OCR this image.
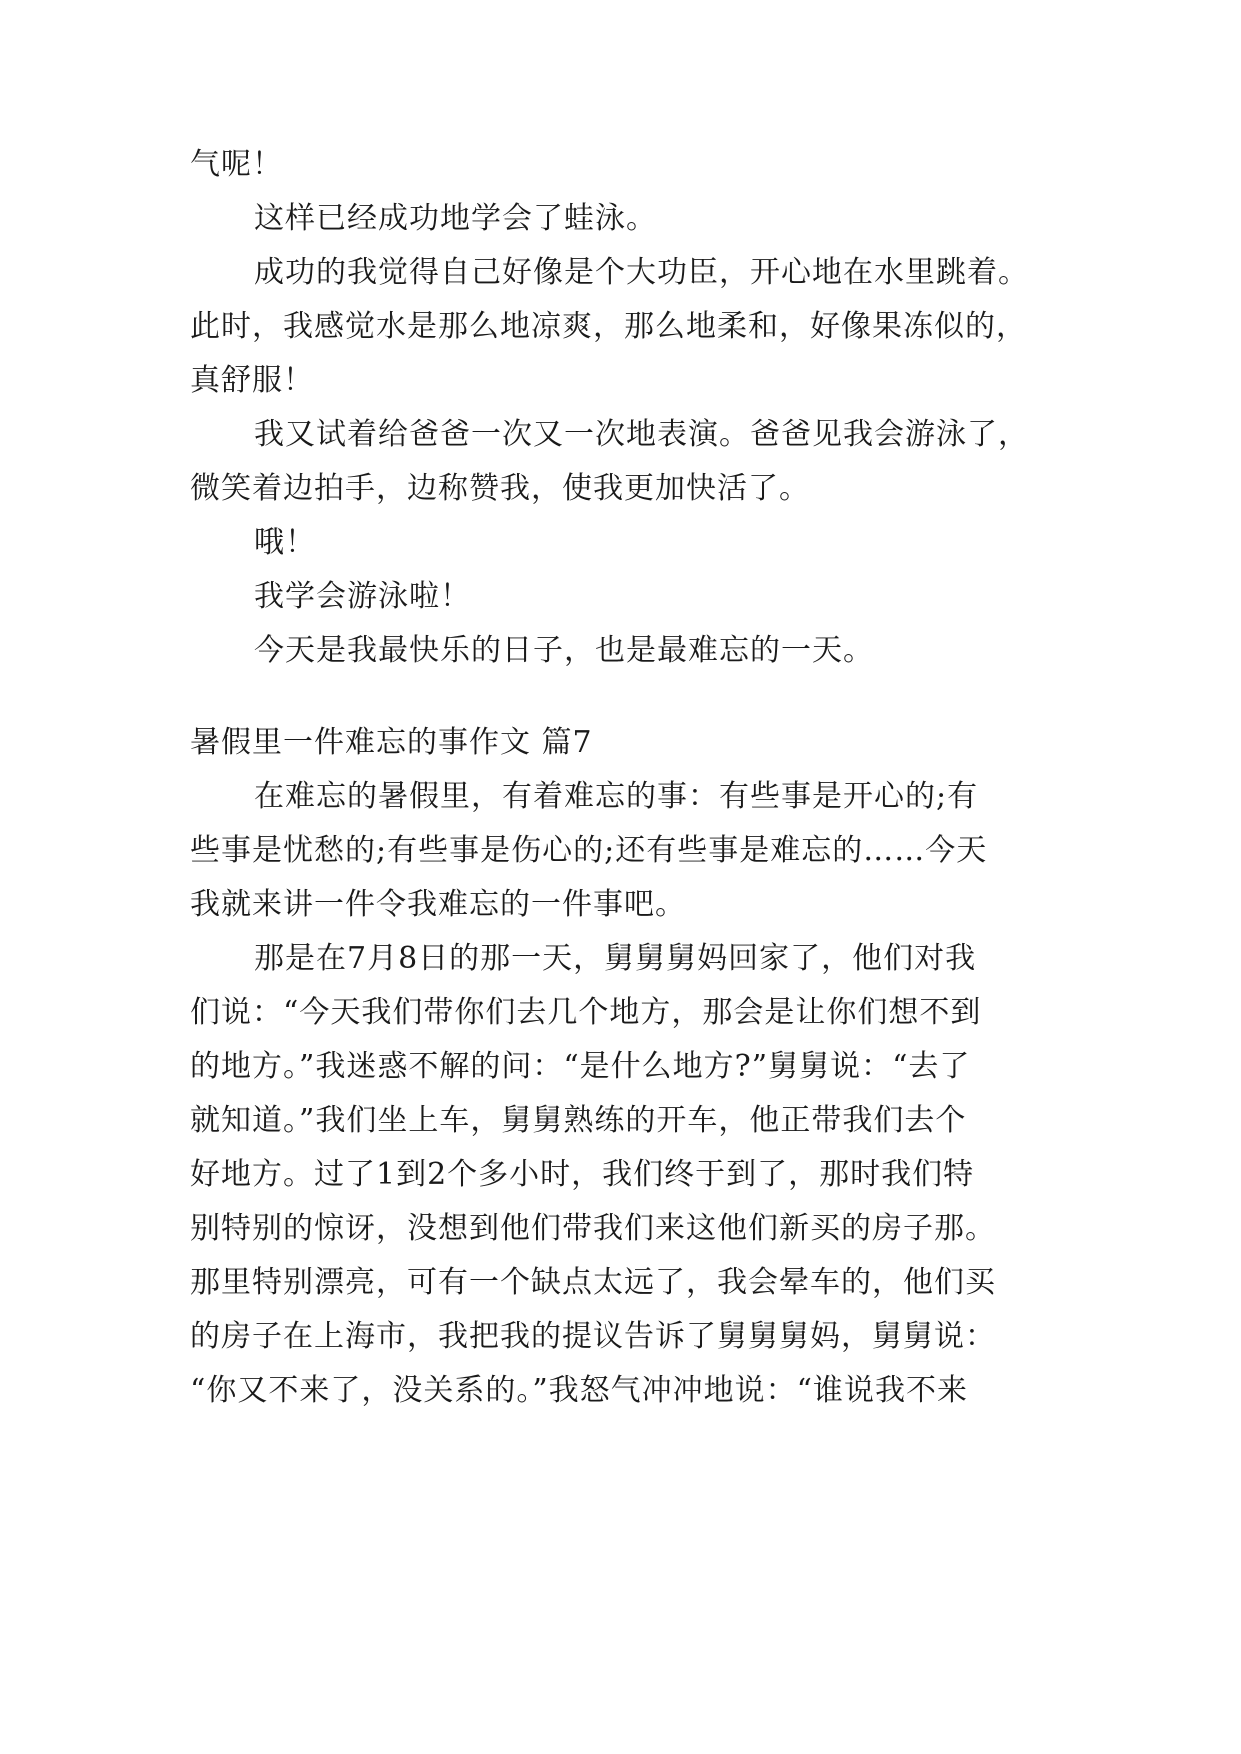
气呢！
这样已经成功地学会了蛙泳。
成功的我觉得自己好像是个大功臣，开心地在水里跳着。
此时，我感觉水是那么地凉爽，那么地柔和，好像果冻似的，
真舒服！
我又试着给爸爸一次又一次地表演。爸爸见我会游泳了，
微笑着边拍手，边称赞我，使我更加快活了。
哦！
我学会游泳啦！
今天是我最快乐的日子，也是最难忘的一天。
暑假里一件难忘的事作文 篇7
在难忘的暑假里，有着难忘的事：有些事是开心的;有
些事是忧愁的;有些事是伤心的;还有些事是难忘的……今天
我就来讲一件令我难忘的一件事吧。
那是在7月8日的那一天，舅舅舅妈回家了，他们对我
们说：“今天我们带你们去几个地方，那会是让你们想不到
的地方。”我迷惑不解的问：“是什么地方?”舅舅说：“去了
就知道。”我们坐上车，舅舅熟练的开车，他正带我们去个
好地方。过了1到2个多小时，我们终于到了，那时我们特
别特别的惊讶，没想到他们带我们来这他们新买的房子那。
那里特别漂亮，可有一个缺点太远了，我会晕车的，他们买
的房子在上海市，我把我的提议告诉了舅舅舅妈，舅舅说：
“你又不来了，没关系的。”我怒气冲冲地说：“谁说我不来
